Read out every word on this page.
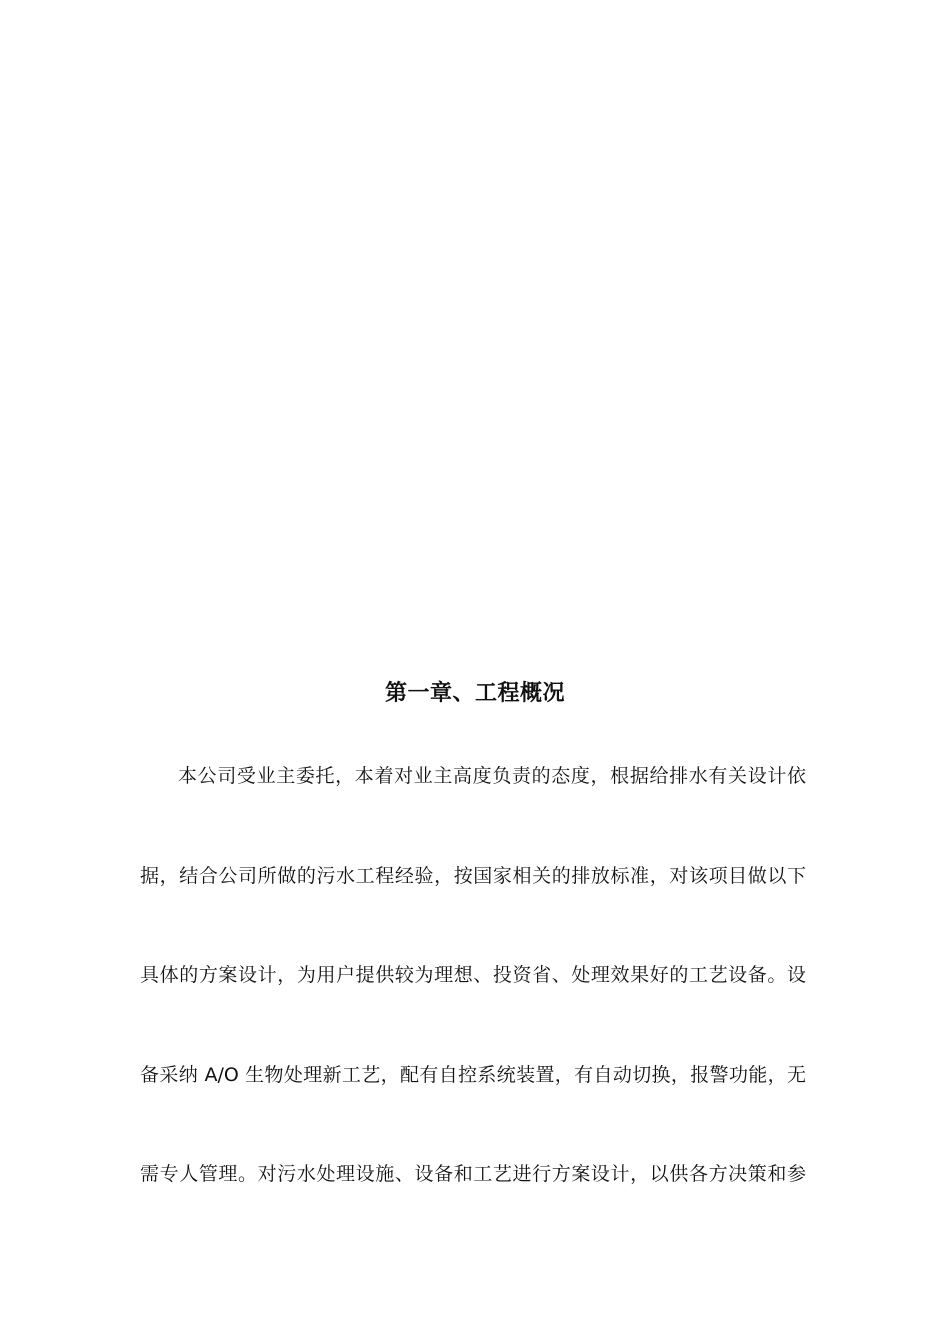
第一章、工程概况

本公司受业主委托，本着对业主高度负责的态度，根据给排水有关设计依

据，结合公司所做的污水工程经验，按国家相关的排放标准，对该项目做以下

具体的方案设计，为用户提供较为理想、投资省、处理效果好的工艺设备。设

备采纳 A/O 生物处理新工艺，配有自控系统装置，有自动切换，报警功能，无

需专人管理。对污水处理设施、设备和工艺进行方案设计，以供各方决策和参
